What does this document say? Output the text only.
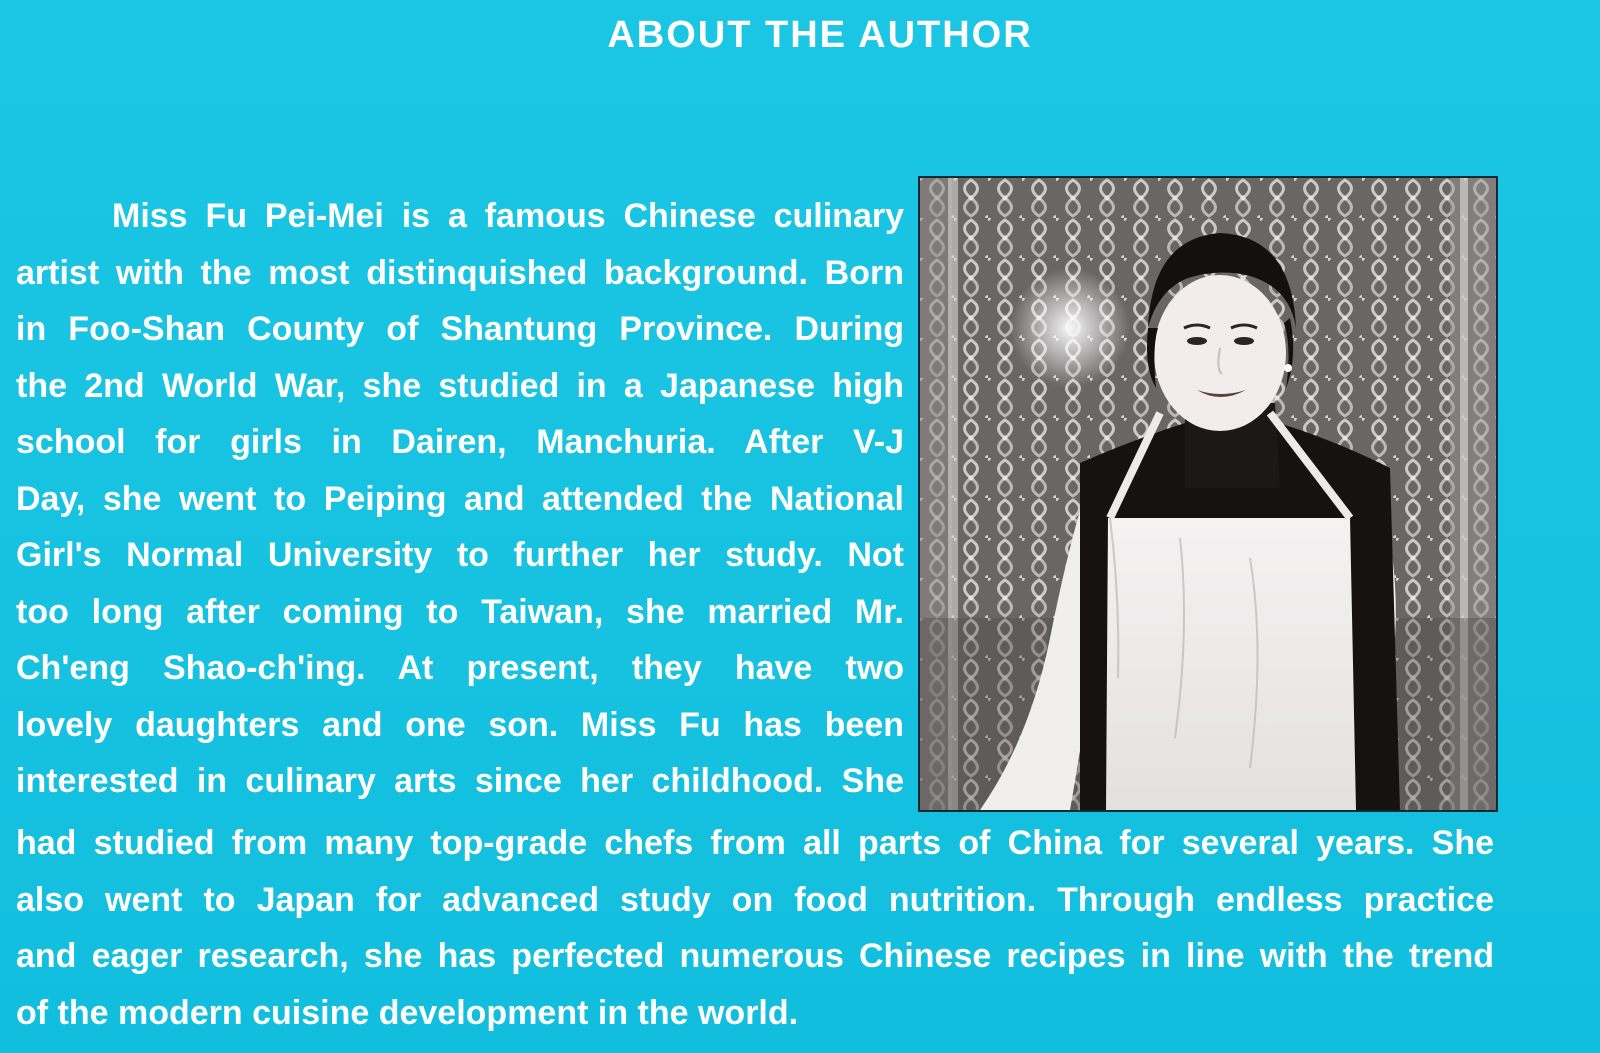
ABOUT THE AUTHOR
Miss Fu Pei-Mei is a famous Chinese culinary
artist with the most distinquished background. Born
in Foo-Shan County of Shantung Province. During
the 2nd World War, she studied in a Japanese high
school for girls in Dairen, Manchuria. After V-J
Day, she went to Peiping and attended the National
Girl's Normal University to further her study. Not
too long after coming to Taiwan, she married Mr.
Ch'eng Shao-ch'ing. At present, they have two
lovely daughters and one son. Miss Fu has been
interested in culinary arts since her childhood. She
had studied from many top-grade chefs from all parts of China for several years. She
also went to Japan for advanced study on food nutrition. Through endless practice
and eager research, she has perfected numerous Chinese recipes in line with the trend
of the modern cuisine development in the world.
